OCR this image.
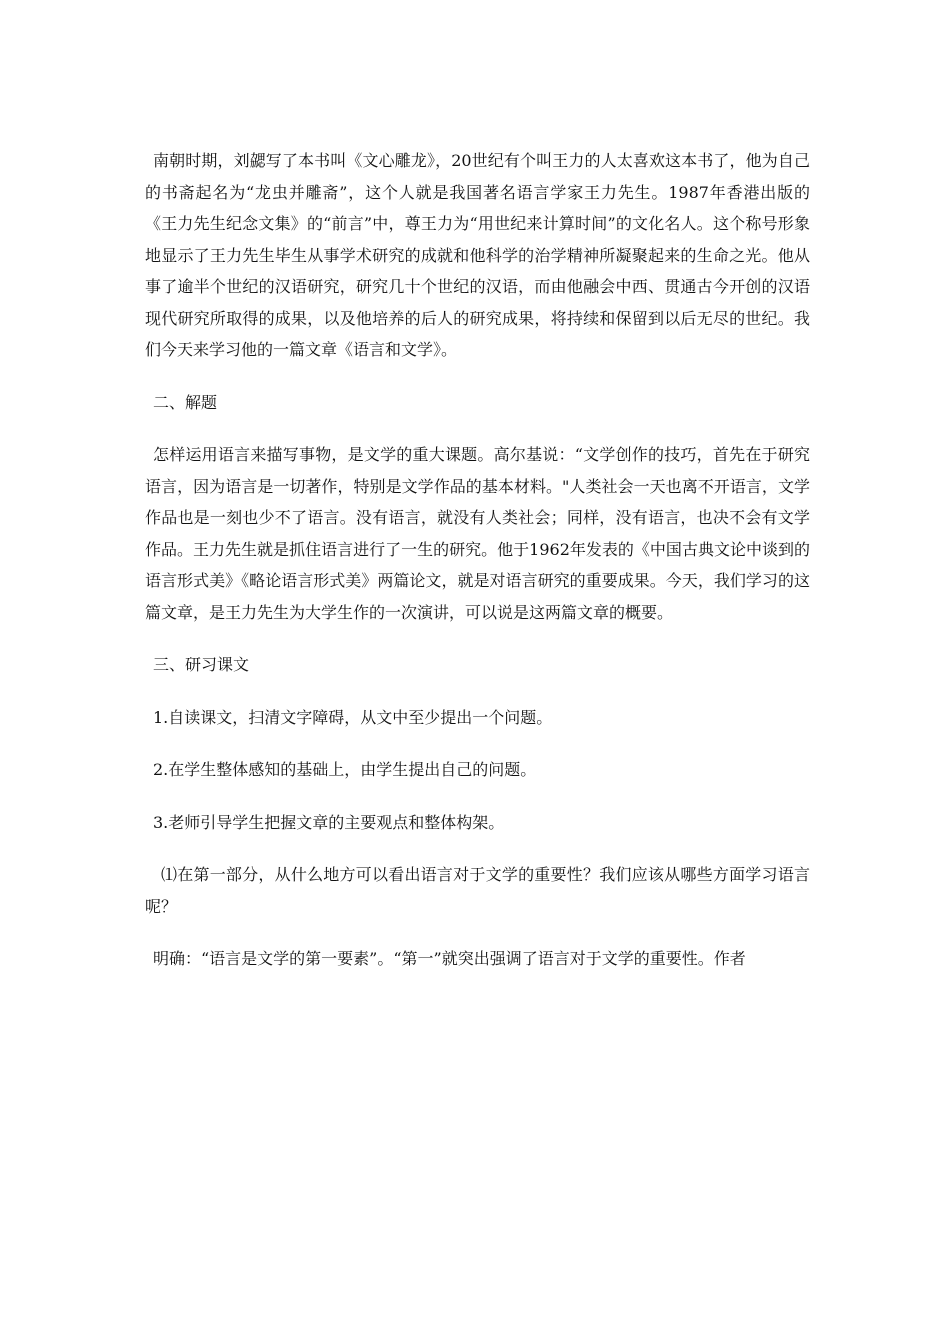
南朝时期，刘勰写了本书叫《文心雕龙》，20世纪有个叫王力的人太喜欢这本书了，他为自己的书斋起名为“龙虫并雕斋”，这个人就是我国著名语言学家王力先生。1987年香港出版的《王力先生纪念文集》的“前言”中，尊王力为“用世纪来计算时间”的文化名人。这个称号形象地显示了王力先生毕生从事学术研究的成就和他科学的治学精神所凝聚起来的生命之光。他从事了逾半个世纪的汉语研究，研究几十个世纪的汉语，而由他融会中西、贯通古今开创的汉语现代研究所取得的成果，以及他培养的后人的研究成果，将持续和保留到以后无尽的世纪。我们今天来学习他的一篇文章《语言和文学》。

二、解题

怎样运用语言来描写事物，是文学的重大课题。高尔基说：“文学创作的技巧，首先在于研究语言，因为语言是一切著作，特别是文学作品的基本材料。"人类社会一天也离不开语言，文学作品也是一刻也少不了语言。没有语言，就没有人类社会；同样，没有语言，也决不会有文学作品。王力先生就是抓住语言进行了一生的研究。他于1962年发表的《中国古典文论中谈到的语言形式美》《略论语言形式美》两篇论文，就是对语言研究的重要成果。今天，我们学习的这篇文章，是王力先生为大学生作的一次演讲，可以说是这两篇文章的概要。

三、研习课文

1.自读课文，扫清文字障碍，从文中至少提出一个问题。

2.在学生整体感知的基础上，由学生提出自己的问题。

3.老师引导学生把握文章的主要观点和整体构架。

⑴在第一部分，从什么地方可以看出语言对于文学的重要性？我们应该从哪些方面学习语言呢？

明确：“语言是文学的第一要素”。“第一”就突出强调了语言对于文学的重要性。作者
